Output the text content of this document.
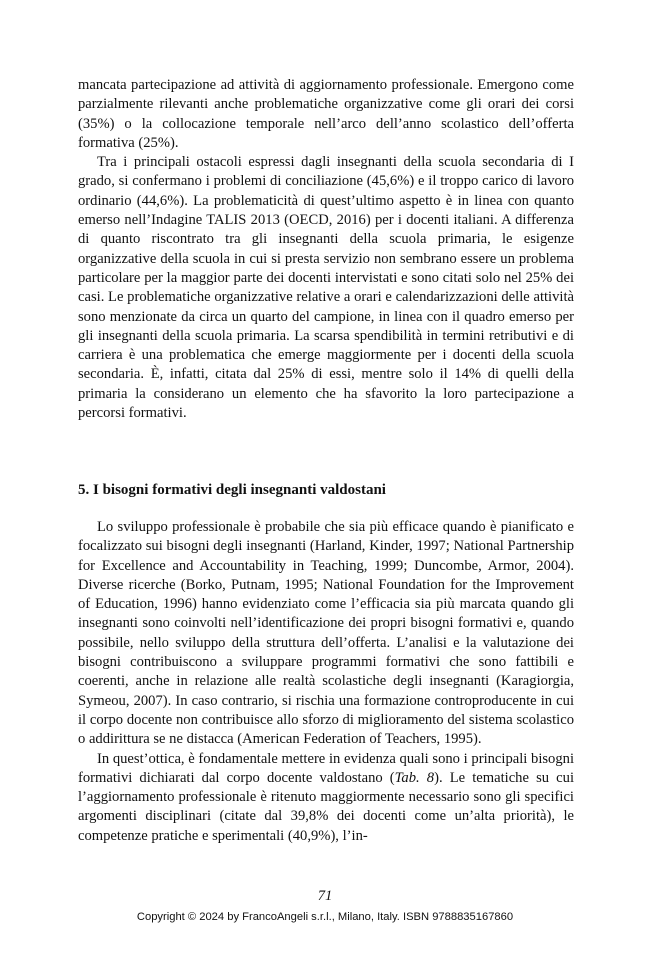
mancata partecipazione ad attività di aggiornamento professionale. Emergono come parzialmente rilevanti anche problematiche organizzative come gli orari dei corsi (35%) o la collocazione temporale nell’arco dell’anno scolastico dell’offerta formativa (25%).

Tra i principali ostacoli espressi dagli insegnanti della scuola secondaria di I grado, si confermano i problemi di conciliazione (45,6%) e il troppo carico di lavoro ordinario (44,6%). La problematicità di quest’ultimo aspetto è in linea con quanto emerso nell’Indagine TALIS 2013 (OECD, 2016) per i docenti italiani. A differenza di quanto riscontrato tra gli insegnanti della scuola primaria, le esigenze organizzative della scuola in cui si presta servizio non sembrano essere un problema particolare per la maggior parte dei docenti intervistati e sono citati solo nel 25% dei casi. Le problematiche organizzative relative a orari e calendarizzazioni delle attività sono menzionate da circa un quarto del campione, in linea con il quadro emerso per gli insegnanti della scuola primaria. La scarsa spendibilità in termini retributivi e di carriera è una problematica che emerge maggiormente per i docenti della scuola secondaria. È, infatti, citata dal 25% di essi, mentre solo il 14% di quelli della primaria la considerano un elemento che ha sfavorito la loro partecipazione a percorsi formativi.

5. I bisogni formativi degli insegnanti valdostani

Lo sviluppo professionale è probabile che sia più efficace quando è pianificato e focalizzato sui bisogni degli insegnanti (Harland, Kinder, 1997; National Partnership for Excellence and Accountability in Teaching, 1999; Duncombe, Armor, 2004). Diverse ricerche (Borko, Putnam, 1995; National Foundation for the Improvement of Education, 1996) hanno evidenziato come l’efficacia sia più marcata quando gli insegnanti sono coinvolti nell’identificazione dei propri bisogni formativi e, quando possibile, nello sviluppo della struttura dell’offerta. L’analisi e la valutazione dei bisogni contribuiscono a sviluppare programmi formativi che sono fattibili e coerenti, anche in relazione alle realtà scolastiche degli insegnanti (Karagiorgia, Symeou, 2007). In caso contrario, si rischia una formazione controproducente in cui il corpo docente non contribuisce allo sforzo di miglioramento del sistema scolastico o addirittura se ne distacca (American Federation of Teachers, 1995).

In quest’ottica, è fondamentale mettere in evidenza quali sono i principali bisogni formativi dichiarati dal corpo docente valdostano (Tab. 8). Le tematiche su cui l’aggiornamento professionale è ritenuto maggiormente necessario sono gli specifici argomenti disciplinari (citate dal 39,8% dei docenti come un’alta priorità), le competenze pratiche e sperimentali (40,9%), l’in-

71
Copyright © 2024 by FrancoAngeli s.r.l., Milano, Italy. ISBN 9788835167860
